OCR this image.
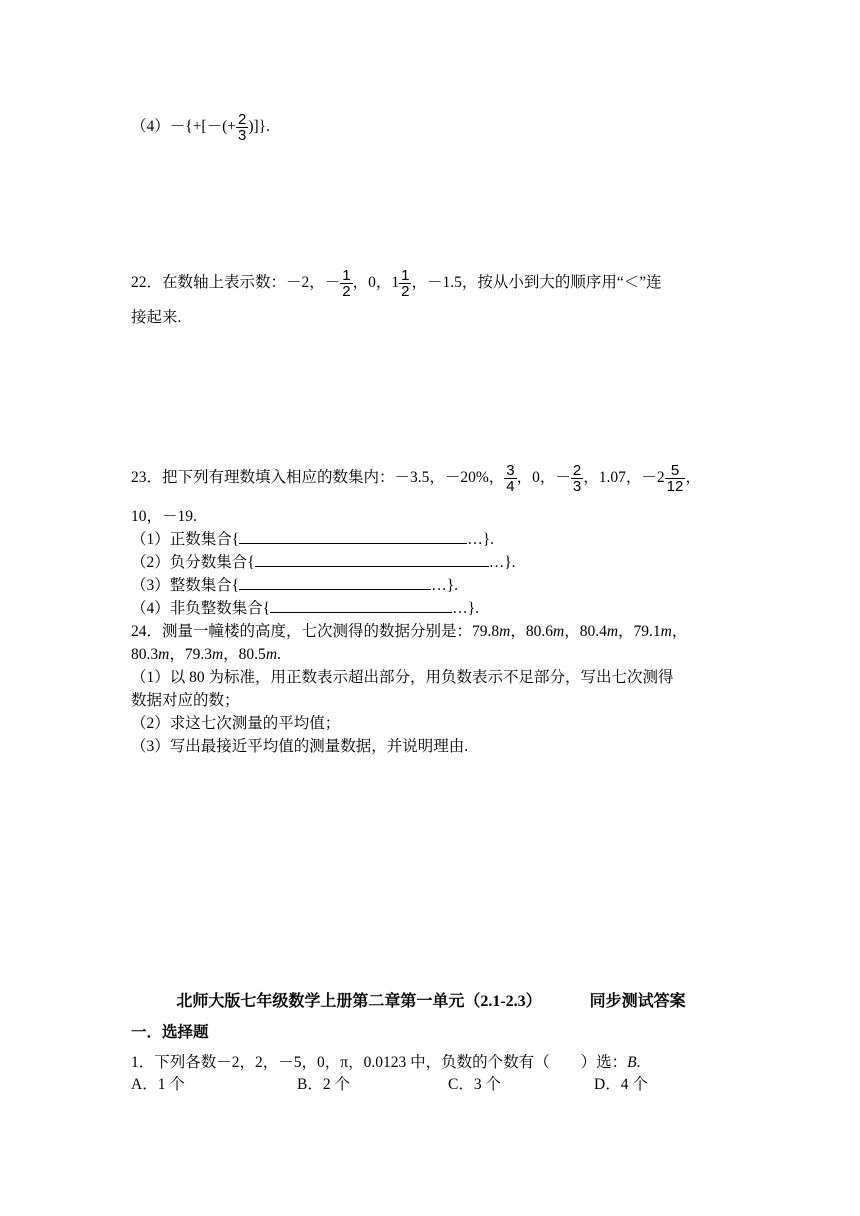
$(4)-\{+[-(+ \frac{2}{3}$ )]}.
22．在数轴上表示数：－2，－ $\frac{1}{2}$ ，0，$1 \frac{1}{2}$ ，－1.5，按从小到大的顺序用“＜”连
接起来.
23．把下列有理数填入相应的数集内：－3.5，－20%， $\frac{3}{4}$ ，0，－ $\frac{2}{3}$ ，1.07，$-2 \frac{5}{12}$ ，
10，－19.
（1）正数集合{	…}.
（2）负分数集合{	…}.
（3）整数集合{	…}.
（4）非负整数集合{	…}.
24．测量一幢楼的高度，七次测得的数据分别是：79.8m，80.6m，80.4m，79.1m，
80.3m，79.3m，80.5m.
（1）以 80 为标准，用正数表示超出部分，用负数表示不足部分，写出七次测得
数据对应的数；
（2）求这七次测量的平均值；
（3）写出最接近平均值的测量数据，并说明理由.
北师大版七年级数学上册第二章第一单元（2.1-2.3）	同步测试答案
一．选择题
1．下列各数－2，2，－5，0，π，0.0123 中，负数的个数有（　　）选：B.
A．1 个	B．2 个	C．3 个	D．4 个
